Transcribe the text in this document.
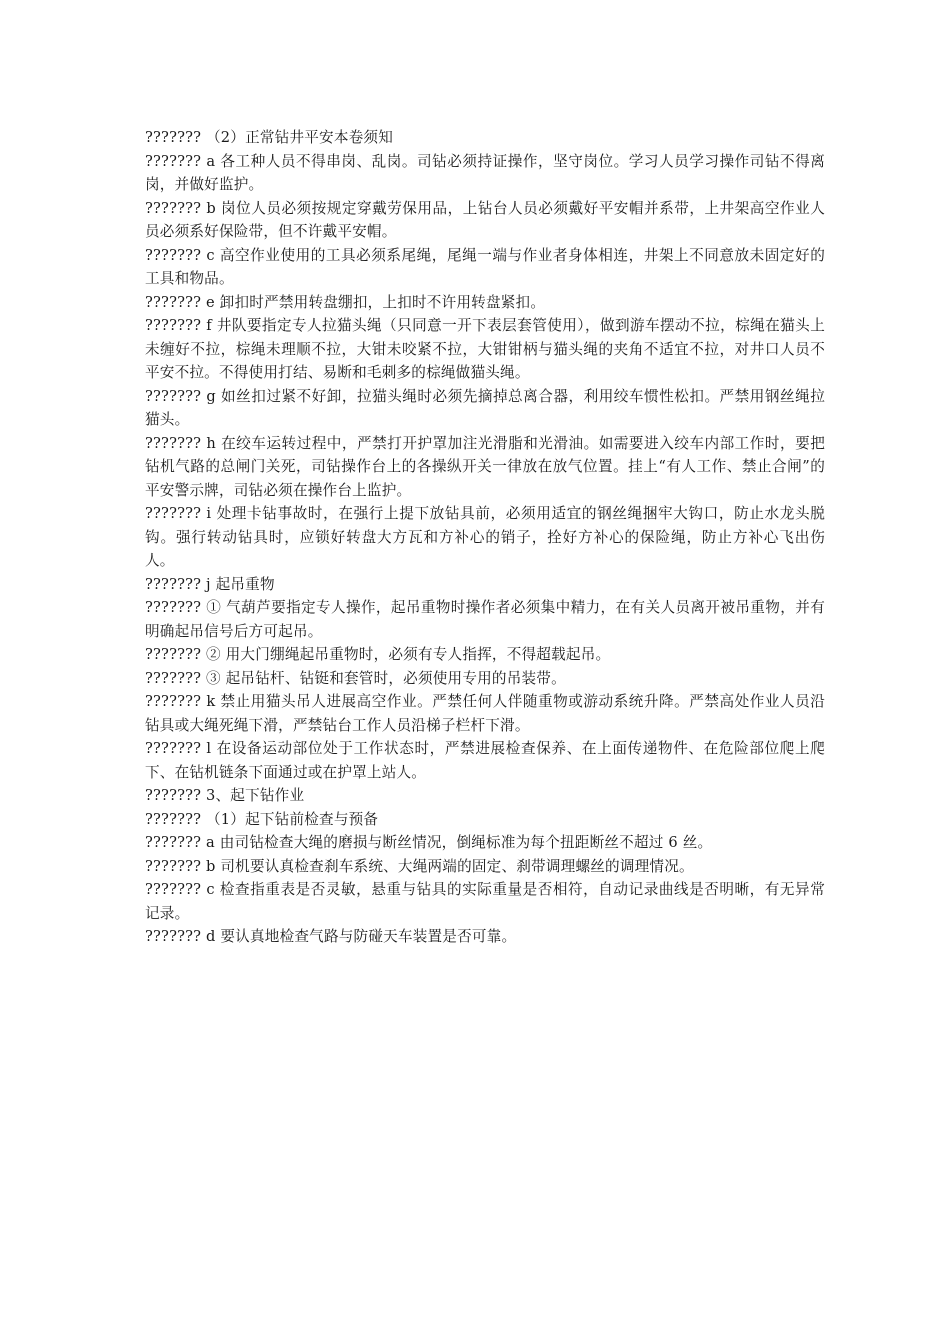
??????? （2）正常钻井平安本卷须知

??????? a 各工种人员不得串岗、乱岗。司钻必须持证操作，坚守岗位。学习人员学习操作司钻不得离岗，并做好监护。

??????? b 岗位人员必须按规定穿戴劳保用品，上钻台人员必须戴好平安帽并系带，上井架高空作业人员必须系好保险带，但不许戴平安帽。

??????? c 高空作业使用的工具必须系尾绳，尾绳一端与作业者身体相连，井架上不同意放未固定好的工具和物品。

??????? e 卸扣时严禁用转盘绷扣，上扣时不许用转盘紧扣。

??????? f 井队要指定专人拉猫头绳（只同意一开下表层套管使用），做到游车摆动不拉，棕绳在猫头上未缠好不拉，棕绳未理顺不拉，大钳未咬紧不拉，大钳钳柄与猫头绳的夹角不适宜不拉，对井口人员不平安不拉。不得使用打结、易断和毛刺多的棕绳做猫头绳。

??????? g 如丝扣过紧不好卸，拉猫头绳时必须先摘掉总离合器，利用绞车惯性松扣。严禁用钢丝绳拉猫头。

??????? h 在绞车运转过程中，严禁打开护罩加注光滑脂和光滑油。如需要进入绞车内部工作时，要把钻机气路的总闸门关死，司钻操作台上的各操纵开关一律放在放气位置。挂上“有人工作、禁止合闸”的平安警示牌，司钻必须在操作台上监护。

??????? i 处理卡钻事故时，在强行上提下放钻具前，必须用适宜的钢丝绳捆牢大钩口，防止水龙头脱钩。强行转动钻具时，应锁好转盘大方瓦和方补心的销子，拴好方补心的保险绳，防止方补心飞出伤人。

??????? j 起吊重物

??????? ① 气葫芦要指定专人操作，起吊重物时操作者必须集中精力，在有关人员离开被吊重物，并有明确起吊信号后方可起吊。

??????? ② 用大门绷绳起吊重物时，必须有专人指挥，不得超载起吊。

??????? ③ 起吊钻杆、钻铤和套管时，必须使用专用的吊装带。

??????? k 禁止用猫头吊人进展高空作业。严禁任何人伴随重物或游动系统升降。严禁高处作业人员沿钻具或大绳死绳下滑，严禁钻台工作人员沿梯子栏杆下滑。

??????? l 在设备运动部位处于工作状态时，严禁进展检查保养、在上面传递物件、在危险部位爬上爬下、在钻机链条下面通过或在护罩上站人。

??????? 3、起下钻作业

??????? （1）起下钻前检查与预备

??????? a 由司钻检查大绳的磨损与断丝情况，倒绳标准为每个扭距断丝不超过 6 丝。

??????? b 司机要认真检查刹车系统、大绳两端的固定、刹带调理螺丝的调理情况。

??????? c 检查指重表是否灵敏，悬重与钻具的实际重量是否相符，自动记录曲线是否明晰，有无异常记录。

??????? d 要认真地检查气路与防碰天车装置是否可靠。
